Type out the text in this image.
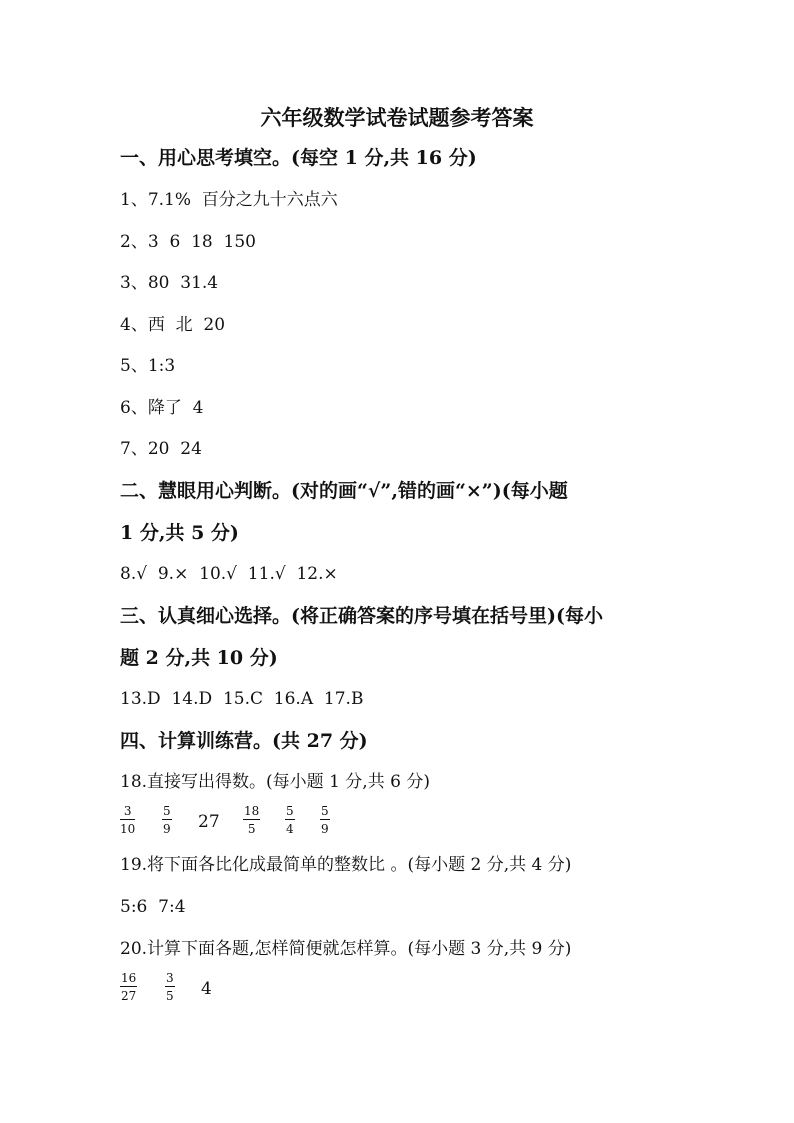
六年级数学试卷试题参考答案
一、用心思考填空。(每空 1 分,共 16 分)
1、7.1%  百分之九十六点六
2、3  6  18  150
3、80  31.4
4、西  北  20
5、1:3
6、降了  4
7、20  24
二、慧眼用心判断。(对的画“√”,错的画“×”)(每小题
1 分,共 5 分)
8.√  9.×  10.√  11.√  12.×
三、认真细心选择。(将正确答案的序号填在括号里)(每小
题 2 分,共 10 分)
13.D  14.D  15.C  16.A  17.B
四、计算训练营。(共 27 分)
18.直接写出得数。(每小题 1 分,共 6 分)
$\frac{3}{10} \frac{5}{9} 27 \frac{18}{5} \frac{5}{4} \frac{5}{9}$
19.将下面各比化成最简单的整数比 。(每小题 2 分,共 4 分)
5:6  7:4
20.计算下面各题,怎样简便就怎样算。(每小题 3 分,共 9 分)
$\frac{16}{27} \frac{3}{5} 4$
